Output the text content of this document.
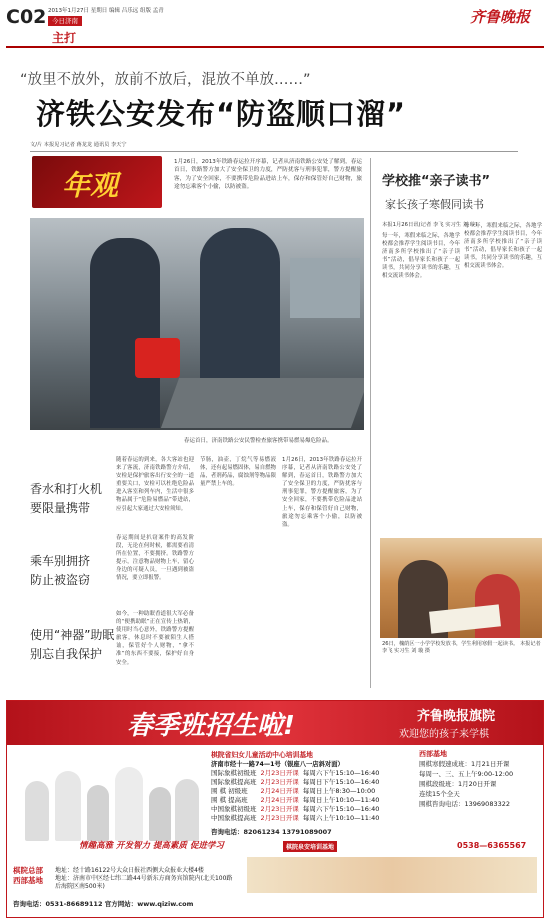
C02 2013年1月27日 星期日 编辑 吕乐远 组版 孟青
今日济南
主打
齐鲁晚报
“放里不放外，放前不放后，混放不单放……”
济铁公安发布“防盗顺口溜”
文/片 本报见习记者 蒋龙龙 通讯员 李天宁
年观
1月26日，2013年铁路春运拉开序幕，记者从济南铁路公安处了解到，春运首日，铁路警方加大了安全保卫的力度，严防扰客与刑事犯罪，警方提醒旅客，为了安全回家，不要携带危险品进站上车，保存和保管好自己财物，旅途勿忘乘客个小偷，以防被盗。
春运首日，济南铁路公安民警检查旅客携带易燃易爆危险品。
香水和打火机
要限量携带
乘车别拥挤
防止被盗窃
使用“神器”助眠
别忘自我保护
随着春运的到来，各大客站也迎来了客流，济南铁路警方介绍，安检是保护旅客出行安全的一道重要关口，安检可以杜绝危险品进入客室和列车内，生活中很多物品属于“危险易燃品”带进站，应引起大家通过大安检须知。
春运期间是扒窃案件的高发阶段，无论在何时候，都需要看清所在位置，不要拥挤。铁路警方提示，注意物品财物上车，留心身边的可疑人员，一旦遇到被盗情况，要立即报警。
如今，一种助眠香道很大军必备的“便携助眠”正在宣传上热销，使用时当心意外，铁路警方提醒旅客，休息时不要被陌生人搭讪，保管好个人财物，“拿不准”的东西不要接，保护好自身安全。
节肠，油壶，丁烷气等易燃液体，还有起易燃固体，易自燃物品，者剂药品，腐蚀剂等物品限量严禁上车的。
1月26日，2013年铁路春运拉开序幕，记者从济南铁路公安处了解到，春运首日，铁路警方加大了安全保卫的力度，严防扰客与刑事犯罪，警方提醒旅客，为了安全回家，不要携带危险品进站上车，保存和保管好自己财物，旅途勿忘乘客个小偷，以防被盗。
学校推“亲子读书”
家长孩子寒假同读书
本报1月26日讯(记者 李飞 实习生 刘 璇)
每一年，寒假来临之际，各地学校都会推荐学生阅读书目，今年济南多所学校推出了“亲子读书”活动，倡导家长和孩子一起读书，共同分享读书的乐趣，互相交流读书体会。
每一年，寒假来临之际，各地学校都会推荐学生阅读书目，今年济南多所学校推出了“亲子读书”活动，倡导家长和孩子一起读书，共同分享读书的乐趣，互相交流读书体会。
26日，槐荫区一小学学校发放书，学生利用寒假一起读书。 本报记者 李飞 实习生 刘 璇 摄
春季班招生啦!	齐鲁晚报旗院
欢迎您的孩子来学棋
棋院省妇女儿童活动中心培训基地
济南市经十一路74—1号（银座八一店斜对面）
国际象棋初级班	2月23日开课	每周六下午15:10—16:40
国际象棋提高班	2月23日开课	每周日下午15:10—16:40
围 棋 初级班	2月24日开课	每周日上午8:30—10:00
围 棋 提高班	2月24日开课	每周日上午10:10—11:40
中国象棋初级班	2月23日开课	每周六下午15:10—16:40
中国象棋提高班	2月23日开课	每周六上午10:10—11:40
咨询电话：82061234 13791089007
西部基地
围棋寒假速成班：1月21日开课
每周一、三、五上午9:00-12:00
围棋段级班：1月20日开课
连续15个全天
围棋咨询电话：13969083322
情趣高雅 开发智力 提高素质 促进学习	棋院泉安培训基地	0538—6365567
棋院总部
西部基地
地址：经十路16122号大众日报社西侧大众报业大楼4楼
地址：济南市中区经七纬二路44号新东方商务宾馆院内(北关100路后海院区南500米)
咨询电话：0531-86689112 官方网站：www.qiziw.com
